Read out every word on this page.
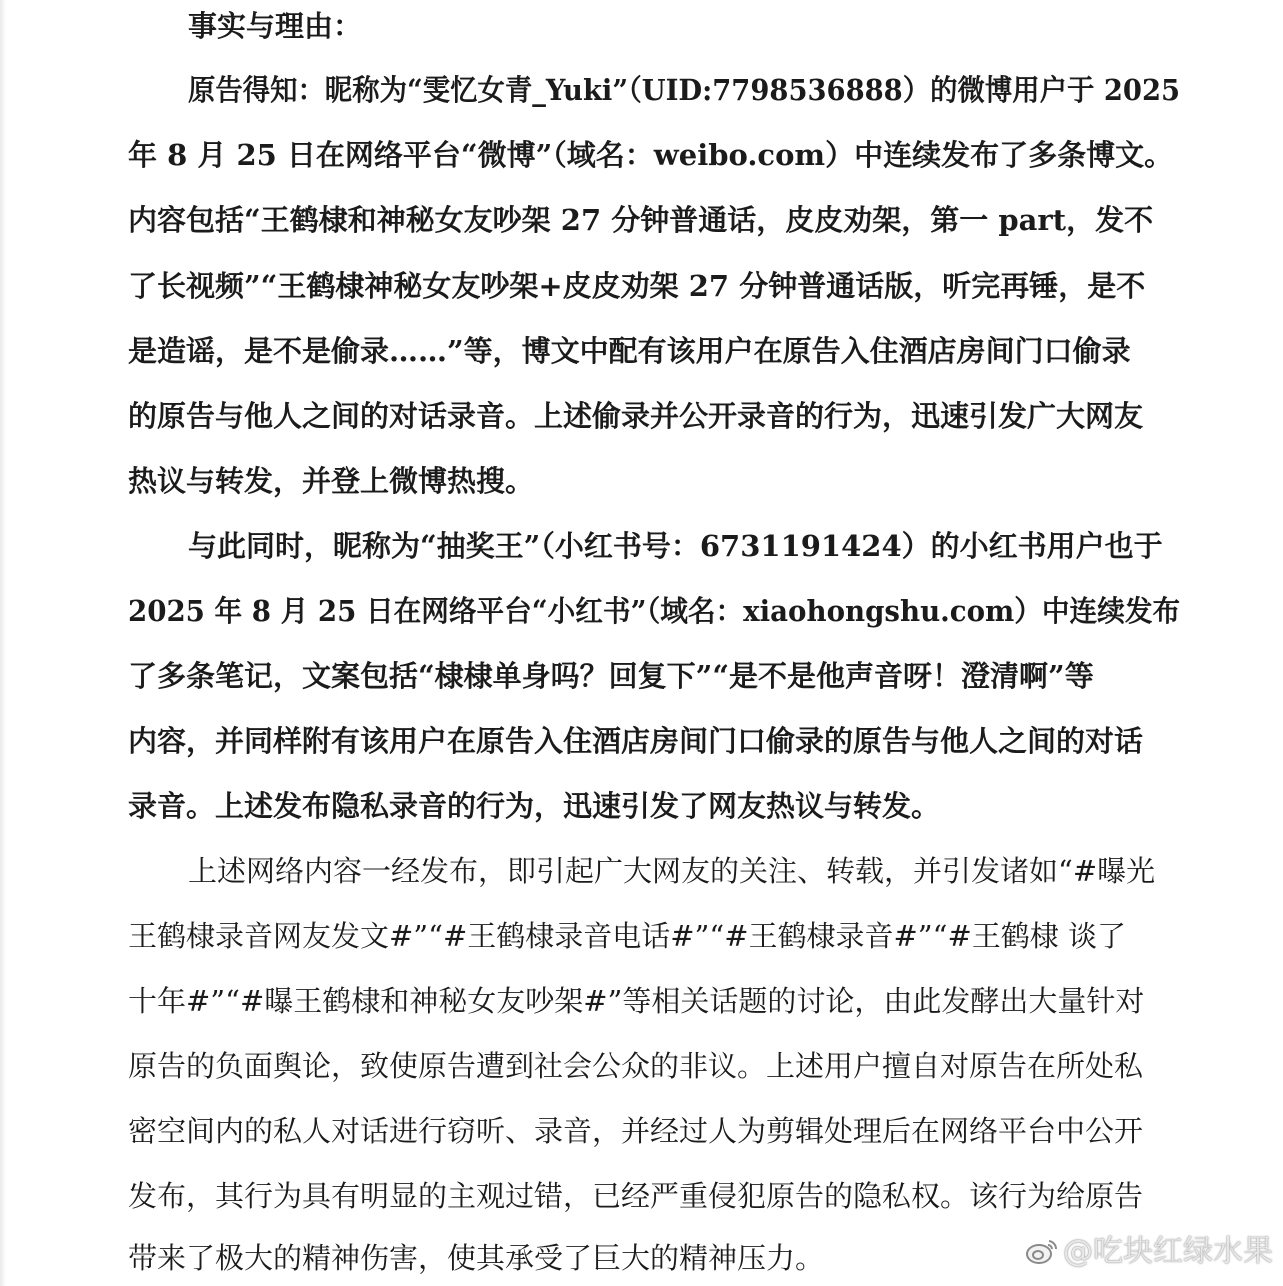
事实与理由：
原告得知：昵称为“雯忆女青_Yuki”（UID:7798536888）的微博用户于 2025
年 8 月 25 日在网络平台“微博”（域名：weibo.com）中连续发布了多条博文。
内容包括“王鹤棣和神秘女友吵架 27 分钟普通话，皮皮劝架，第一 part，发不
了长视频”“王鹤棣神秘女友吵架+皮皮劝架 27 分钟普通话版，听完再锤，是不
是造谣，是不是偷录……”等，博文中配有该用户在原告入住酒店房间门口偷录
的原告与他人之间的对话录音。上述偷录并公开录音的行为，迅速引发广大网友
热议与转发，并登上微博热搜。
与此同时，昵称为“抽奖王”（小红书号：6731191424）的小红书用户也于
2025 年 8 月 25 日在网络平台“小红书”（域名：xiaohongshu.com）中连续发布
了多条笔记，文案包括“棣棣单身吗？回复下”“是不是他声音呀！澄清啊”等
内容，并同样附有该用户在原告入住酒店房间门口偷录的原告与他人之间的对话
录音。上述发布隐私录音的行为，迅速引发了网友热议与转发。
上述网络内容一经发布，即引起广大网友的关注、转载，并引发诸如“#曝光
王鹤棣录音网友发文#”“#王鹤棣录音电话#”“#王鹤棣录音#”“#王鹤棣 谈了
十年#”“#曝王鹤棣和神秘女友吵架#”等相关话题的讨论，由此发酵出大量针对
原告的负面舆论，致使原告遭到社会公众的非议。上述用户擅自对原告在所处私
密空间内的私人对话进行窃听、录音，并经过人为剪辑处理后在网络平台中公开
发布，其行为具有明显的主观过错，已经严重侵犯原告的隐私权。该行为给原告
带来了极大的精神伤害，使其承受了巨大的精神压力。	@吃块红绿水果
